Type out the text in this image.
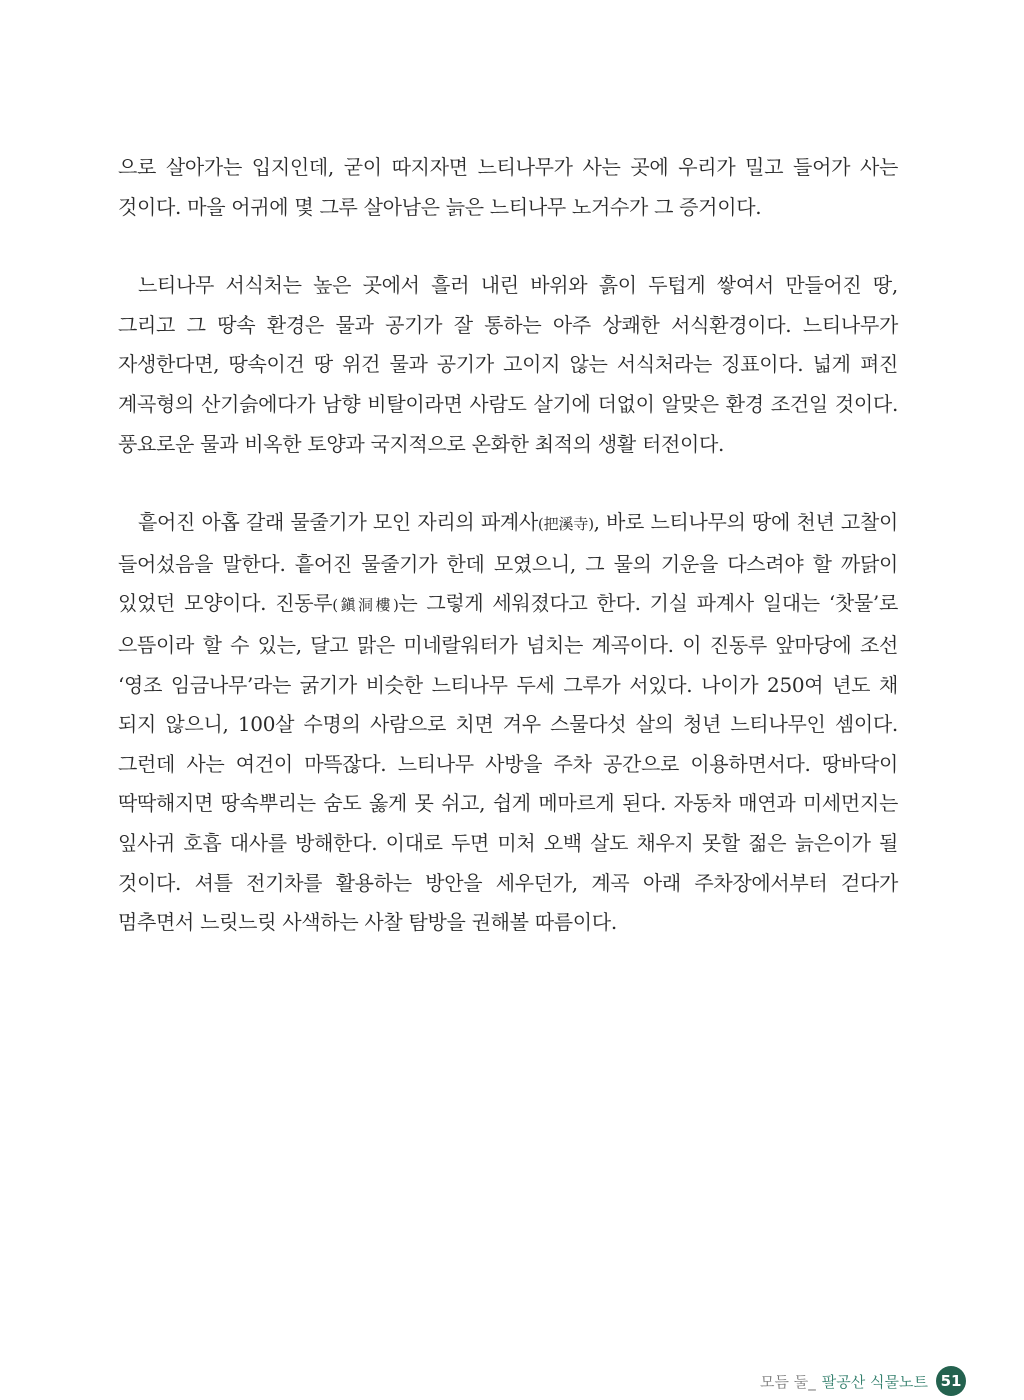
으로 살아가는 입지인데, 굳이 따지자면 느티나무가 사는 곳에 우리가 밀고 들어가 사는 것이다. 마을 어귀에 몇 그루 살아남은 늙은 느티나무 노거수가 그 증거이다.

느티나무 서식처는 높은 곳에서 흘러 내린 바위와 흙이 두텁게 쌓여서 만들어진 땅, 그리고 그 땅속 환경은 물과 공기가 잘 통하는 아주 상쾌한 서식환경이다. 느티나무가 자생한다면, 땅속이건 땅 위건 물과 공기가 고이지 않는 서식처라는 징표이다. 넓게 펴진 계곡형의 산기슭에다가 남향 비탈이라면 사람도 살기에 더없이 알맞은 환경 조건일 것이다. 풍요로운 물과 비옥한 토양과 국지적으로 온화한 최적의 생활 터전이다.

흩어진 아홉 갈래 물줄기가 모인 자리의 파계사(把溪寺), 바로 느티나무의 땅에 천년 고찰이 들어섰음을 말한다. 흩어진 물줄기가 한데 모였으니, 그 물의 기운을 다스려야 할 까닭이 있었던 모양이다. 진동루(鎭洞樓)는 그렇게 세워졌다고 한다. 기실 파계사 일대는 ‘찻물’로 으뜸이라 할 수 있는, 달고 맑은 미네랄워터가 넘치는 계곡이다. 이 진동루 앞마당에 조선 ‘영조 임금나무’라는 굵기가 비슷한 느티나무 두세 그루가 서있다. 나이가 250여 년도 채 되지 않으니, 100살 수명의 사람으로 치면 겨우 스물다섯 살의 청년 느티나무인 셈이다. 그런데 사는 여건이 마뜩잖다. 느티나무 사방을 주차 공간으로 이용하면서다. 땅바닥이 딱딱해지면 땅속뿌리는 숨도 옳게 못 쉬고, 쉽게 메마르게 된다. 자동차 매연과 미세먼지는 잎사귀 호흡 대사를 방해한다. 이대로 두면 미처 오백 살도 채우지 못할 젊은 늙은이가 될 것이다. 셔틀 전기차를 활용하는 방안을 세우던가, 계곡 아래 주차장에서부터 걷다가 멈추면서 느릿느릿 사색하는 사찰 탐방을 권해볼 따름이다.

모듬 둘_ 팔공산 식물노트 51
